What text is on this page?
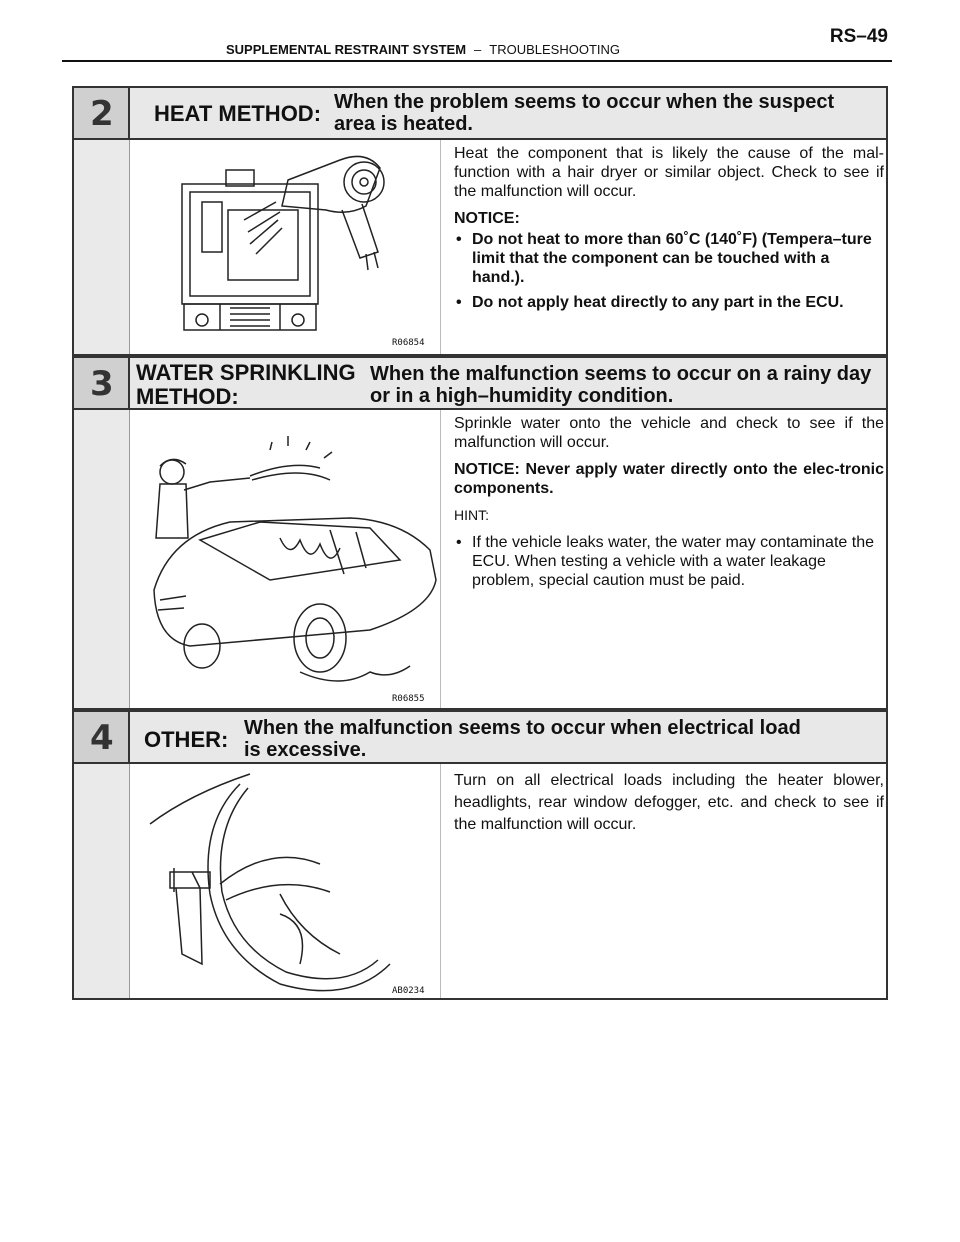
SUPPLEMENTAL RESTRAINT SYSTEM – TROUBLESHOOTING
RS–49
2 HEAT METHOD: When the problem seems to occur when the suspect area is heated.
R06854

Heat the component that is likely the cause of the mal-function with a hair dryer or similar object. Check to see if the malfunction will occur.

NOTICE:

• Do not heat to more than 60˚C (140˚F) (Tempera–ture limit that the component can be touched with a hand.).
• Do not apply heat directly to any part in the ECU.
3 WATER SPRINKLING METHOD:
When the malfunction seems to occur on a rainy day or in a high–humidity condition.
R06855

Sprinkle water onto the vehicle and check to see if the malfunction will occur.

NOTICE: Never apply water directly onto the elec-tronic components.

HINT:

• If the vehicle leaks water, the water may contaminate the ECU. When testing a vehicle with a water leakage problem, special caution must be paid.
4 OTHER: When the malfunction seems to occur when electrical load is excessive.
AB0234

Turn on all electrical loads including the heater blower, headlights, rear window defogger, etc. and check to see if the malfunction will occur.
